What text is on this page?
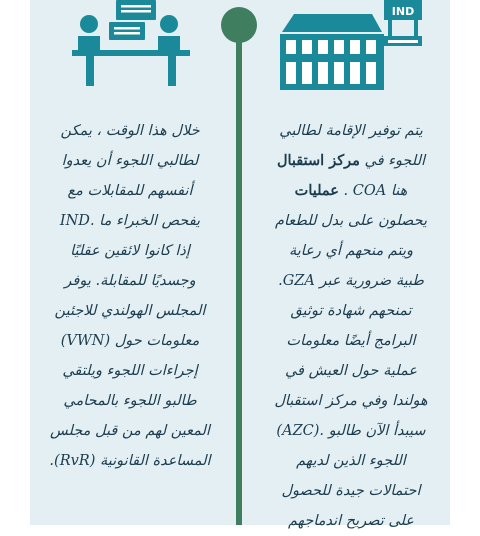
IND
خلال هذا الوقت ، يمكن
لطالبي اللجوء أن يعدوا
أنفسهم للمقابلات مع
يفحص الخبراء ما .IND
إذا كانوا لائقين عقليًا
وجسديًا للمقابلة. يوفر
المجلس الهولندي للاجئين
معلومات حول (VWN)
إجراءات اللجوء ويلتقي
طالبو اللجوء بالمحامي
المعين لهم من قبل مجلس
المساعدة القانونية (RvR).
يتم توفير الإقامة لطالبي
اللجوء في مركز استقبال
هنا COA . عمليات
يحصلون على بدل للطعام
ويتم منحهم أي رعاية
طبية ضرورية عبر GZA.
تمنحهم شهادة توثيق
البرامج أيضًا معلومات
عملية حول العيش في
هولندا وفي مركز استقبال
سيبدأ الآن طالبو .(AZC)
اللجوء الذين لديهم
احتمالات جيدة للحصول
على تصريح اندماجهم
